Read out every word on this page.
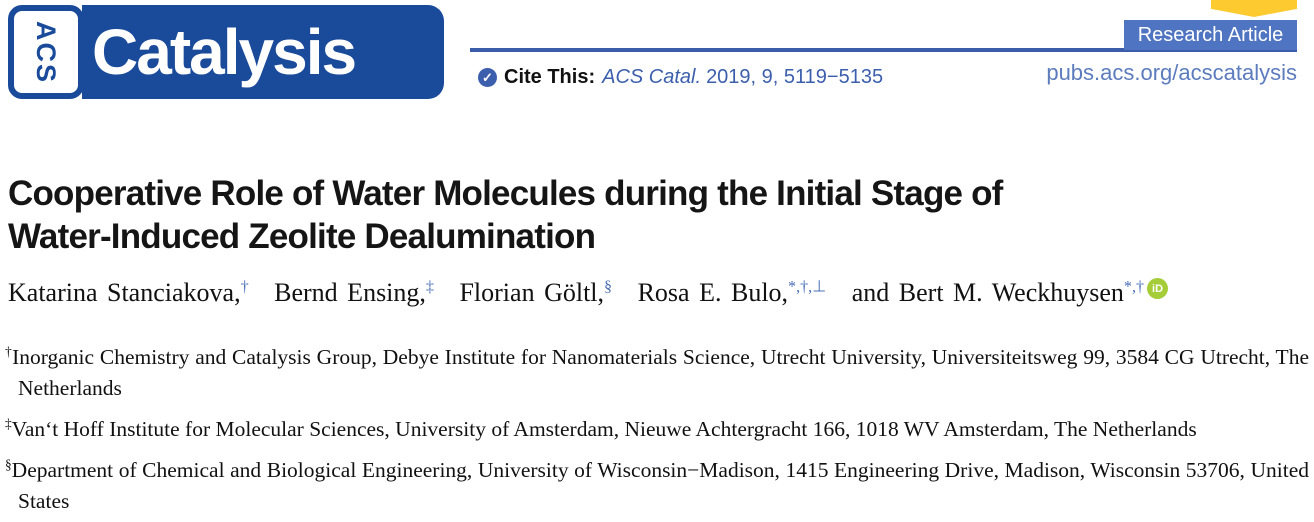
ACS Catalysis	✓ Cite This: ACS Catal. 2019, 9, 5119−5135
Research Article
pubs.acs.org/acscatalysis
Cooperative Role of Water Molecules during the Initial Stage of
Water-Induced Zeolite Dealumination
Katarina Stanciakova,† Bernd Ensing,‡ Florian Göltl,§ Rosa E. Bulo,*,†,⊥ and Bert M. Weckhuysen*,† iD

†Inorganic Chemistry and Catalysis Group, Debye Institute for Nanomaterials Science, Utrecht University, Universiteitsweg 99, 3584 CG Utrecht, The Netherlands

‡Van‘t Hoff Institute for Molecular Sciences, University of Amsterdam, Nieuwe Achtergracht 166, 1018 WV Amsterdam, The Netherlands

§Department of Chemical and Biological Engineering, University of Wisconsin−Madison, 1415 Engineering Drive, Madison, Wisconsin 53706, United States
